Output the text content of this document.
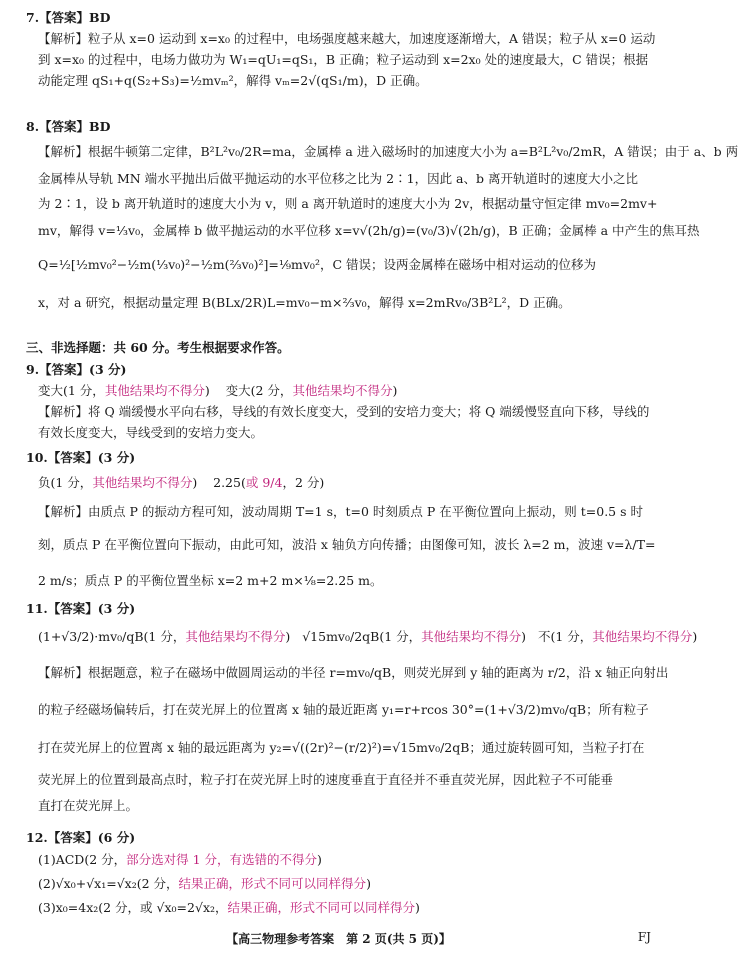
7.【答案】BD
【解析】粒子从 x=0 运动到 x=x₀ 的过程中，电场强度越来越大，加速度逐渐增大，A 错误；粒子从 x=0 运动
到 x=x₀ 的过程中，电场力做功为 W₁=qU₁=qS₁，B 正确；粒子运动到 x=2x₀ 处的速度最大，C 错误；根据
动能定理 qS₁+q(S₂+S₃)=½mvₘ²，解得 vₘ=2√(qS₁/m)，D 正确。
8.【答案】BD
【解析】根据牛顿第二定律，B²L²v₀/2R=ma，金属棒 a 进入磁场时的加速度大小为 a=B²L²v₀/2mR，A 错误；由于 a、b 两
金属棒从导轨 MN 端水平抛出后做平抛运动的水平位移之比为 2∶1，因此 a、b 离开轨道时的速度大小之比
为 2∶1，设 b 离开轨道时的速度大小为 v，则 a 离开轨道时的速度大小为 2v，根据动量守恒定律 mv₀=2mv+
mv，解得 v=⅓v₀，金属棒 b 做平抛运动的水平位移 x=v√(2h/g)=(v₀/3)√(2h/g)，B 正确；金属棒 a 中产生的焦耳热
Q=½[½mv₀²−½m(⅓v₀)²−½m(⅔v₀)²]=⅑mv₀²，C 错误；设两金属棒在磁场中相对运动的位移为
x，对 a 研究，根据动量定理 B(BLx/2R)L=mv₀−m×⅔v₀，解得 x=2mRv₀/3B²L²，D 正确。
三、非选择题：共 60 分。考生根据要求作答。
9.【答案】(3 分)
变大(1 分，其他结果均不得分) 变大(2 分，其他结果均不得分)
【解析】将 Q 端缓慢水平向右移，导线的有效长度变大，受到的安培力变大；将 Q 端缓慢竖直向下移，导线的
有效长度变大，导线受到的安培力变大。
10.【答案】(3 分)
负(1 分，其他结果均不得分) 2.25(或 9/4，2 分)
【解析】由质点 P 的振动方程可知，波动周期 T=1 s，t=0 时刻质点 P 在平衡位置向上振动，则 t=0.5 s 时
刻，质点 P 在平衡位置向下振动，由此可知，波沿 x 轴负方向传播；由图像可知，波长 λ=2 m，波速 v=λ/T=
2 m/s；质点 P 的平衡位置坐标 x=2 m+2 m×⅛=2.25 m。
11.【答案】(3 分)
(1+√3/2)·mv₀/qB(1 分，其他结果均不得分) √15mv₀/2qB(1 分，其他结果均不得分) 不(1 分，其他结果均不得分)
【解析】根据题意，粒子在磁场中做圆周运动的半径 r=mv₀/qB，则荧光屏到 y 轴的距离为 r/2，沿 x 轴正向射出
的粒子经磁场偏转后，打在荧光屏上的位置离 x 轴的最近距离 y₁=r+rcos 30°=(1+√3/2)mv₀/qB；所有粒子
打在荧光屏上的位置离 x 轴的最远距离为 y₂=√((2r)²−(r/2)²)=√15mv₀/2qB；通过旋转圆可知，当粒子打在
荧光屏上的位置到最高点时，粒子打在荧光屏上时的速度垂直于直径并不垂直荧光屏，因此粒子不可能垂
直打在荧光屏上。
12.【答案】(6 分)
(1)ACD(2 分，部分选对得 1 分，有选错的不得分)
(2)√x₀+√x₁=√x₂(2 分，结果正确，形式不同可以同样得分)
(3)x₀=4x₂(2 分，或 √x₀=2√x₂，结果正确，形式不同可以同样得分)
【高三物理参考答案　第 2 页(共 5 页)】	FJ
